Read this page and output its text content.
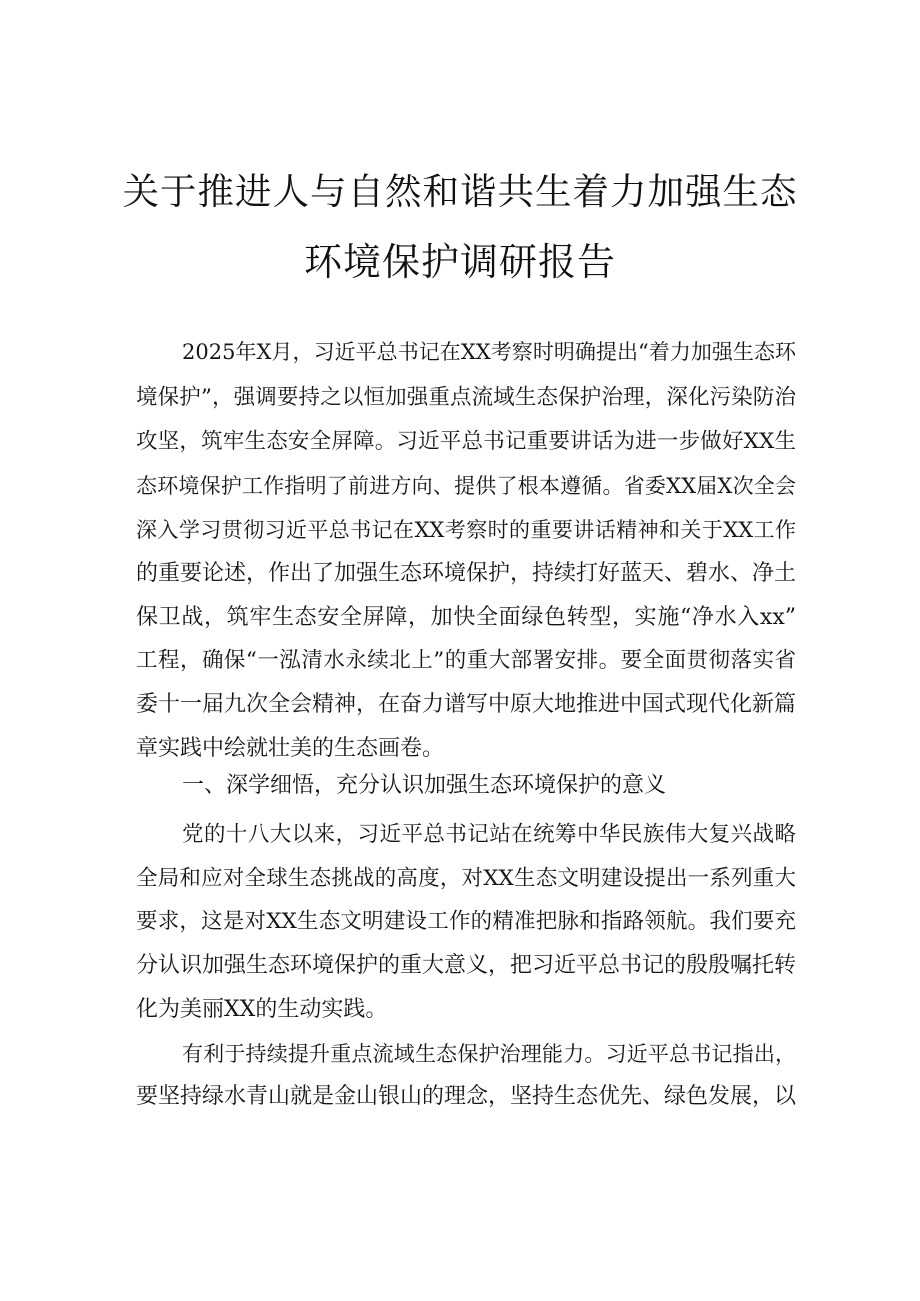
关于推进人与自然和谐共生着力加强生态
环境保护调研报告
2025年X月，习近平总书记在XX考察时明确提出“着力加强生态环
境保护”，强调要持之以恒加强重点流域生态保护治理，深化污染防治
攻坚，筑牢生态安全屏障。习近平总书记重要讲话为进一步做好XX生
态环境保护工作指明了前进方向、提供了根本遵循。省委XX届X次全会
深入学习贯彻习近平总书记在XX考察时的重要讲话精神和关于XX工作
的重要论述，作出了加强生态环境保护，持续打好蓝天、碧水、净土
保卫战，筑牢生态安全屏障，加快全面绿色转型，实施“净水入xx”
工程，确保“一泓清水永续北上”的重大部署安排。要全面贯彻落实省
委十一届九次全会精神，在奋力谱写中原大地推进中国式现代化新篇
章实践中绘就壮美的生态画卷。
一、深学细悟，充分认识加强生态环境保护的意义
党的十八大以来，习近平总书记站在统筹中华民族伟大复兴战略
全局和应对全球生态挑战的高度，对XX生态文明建设提出一系列重大
要求，这是对XX生态文明建设工作的精准把脉和指路领航。我们要充
分认识加强生态环境保护的重大意义，把习近平总书记的殷殷嘱托转
化为美丽XX的生动实践。
有利于持续提升重点流域生态保护治理能力。习近平总书记指出，
要坚持绿水青山就是金山银山的理念，坚持生态优先、绿色发展，以
